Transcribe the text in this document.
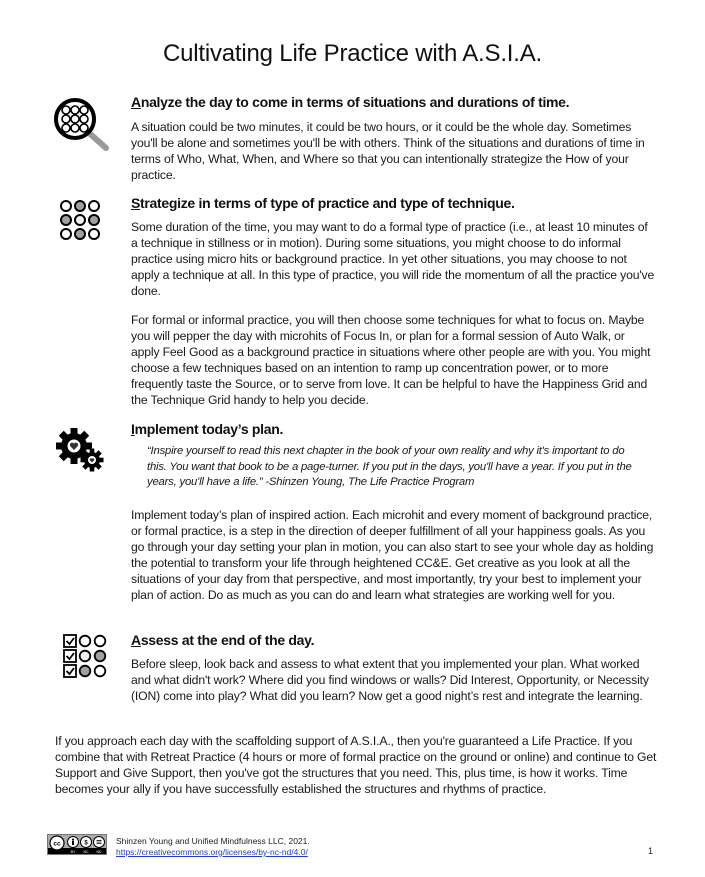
Cultivating Life Practice with A.S.I.A.
Analyze the day to come in terms of situations and durations of time.
A situation could be two minutes, it could be two hours, or it could be the whole day. Sometimes you'll be alone and sometimes you'll be with others. Think of the situations and durations of time in terms of Who, What, When, and Where so that you can intentionally strategize the How of your practice.
Strategize in terms of type of practice and type of technique.
Some duration of the time, you may want to do a formal type of practice (i.e., at least 10 minutes of a technique in stillness or in motion). During some situations, you might choose to do informal practice using micro hits or background practice. In yet other situations, you may choose to not apply a technique at all. In this type of practice, you will ride the momentum of all the practice you've done.
For formal or informal practice, you will then choose some techniques for what to focus on. Maybe you will pepper the day with microhits of Focus In, or plan for a formal session of Auto Walk, or apply Feel Good as a background practice in situations where other people are with you. You might choose a few techniques based on an intention to ramp up concentration power, or to more frequently taste the Source, or to serve from love. It can be helpful to have the Happiness Grid and the Technique Grid handy to help you decide.
Implement today’s plan.
“Inspire yourself to read this next chapter in the book of your own reality and why it's important to do this. You want that book to be a page-turner. If you put in the days, you'll have a year. If you put in the years, you'll have a life.” -Shinzen Young, The Life Practice Program
Implement today’s plan of inspired action. Each microhit and every moment of background practice, or formal practice, is a step in the direction of deeper fulfillment of all your happiness goals. As you go through your day setting your plan in motion, you can also start to see your whole day as holding the potential to transform your life through heightened CC&E. Get creative as you look at all the situations of your day from that perspective, and most importantly, try your best to implement your plan of action. Do as much as you can do and learn what strategies are working well for you.
Assess at the end of the day.
Before sleep, look back and assess to what extent that you implemented your plan. What worked and what didn't work? Where did you find windows or walls? Did Interest, Opportunity, or Necessity (ION) come into play? What did you learn? Now get a good night’s rest and integrate the learning.
If you approach each day with the scaffolding support of A.S.I.A., then you're guaranteed a Life Practice. If you combine that with Retreat Practice (4 hours or more of formal practice on the ground or online) and continue to Get Support and Give Support, then you've got the structures that you need. This, plus time, is how it works. Time becomes your ally if you have successfully established the structures and rhythms of practice.
cc	$
BY NC ND
Shinzen Young and Unified Mindfulness LLC, 2021.
https://creativecommons.org/licenses/by-nc-nd/4.0/	1
